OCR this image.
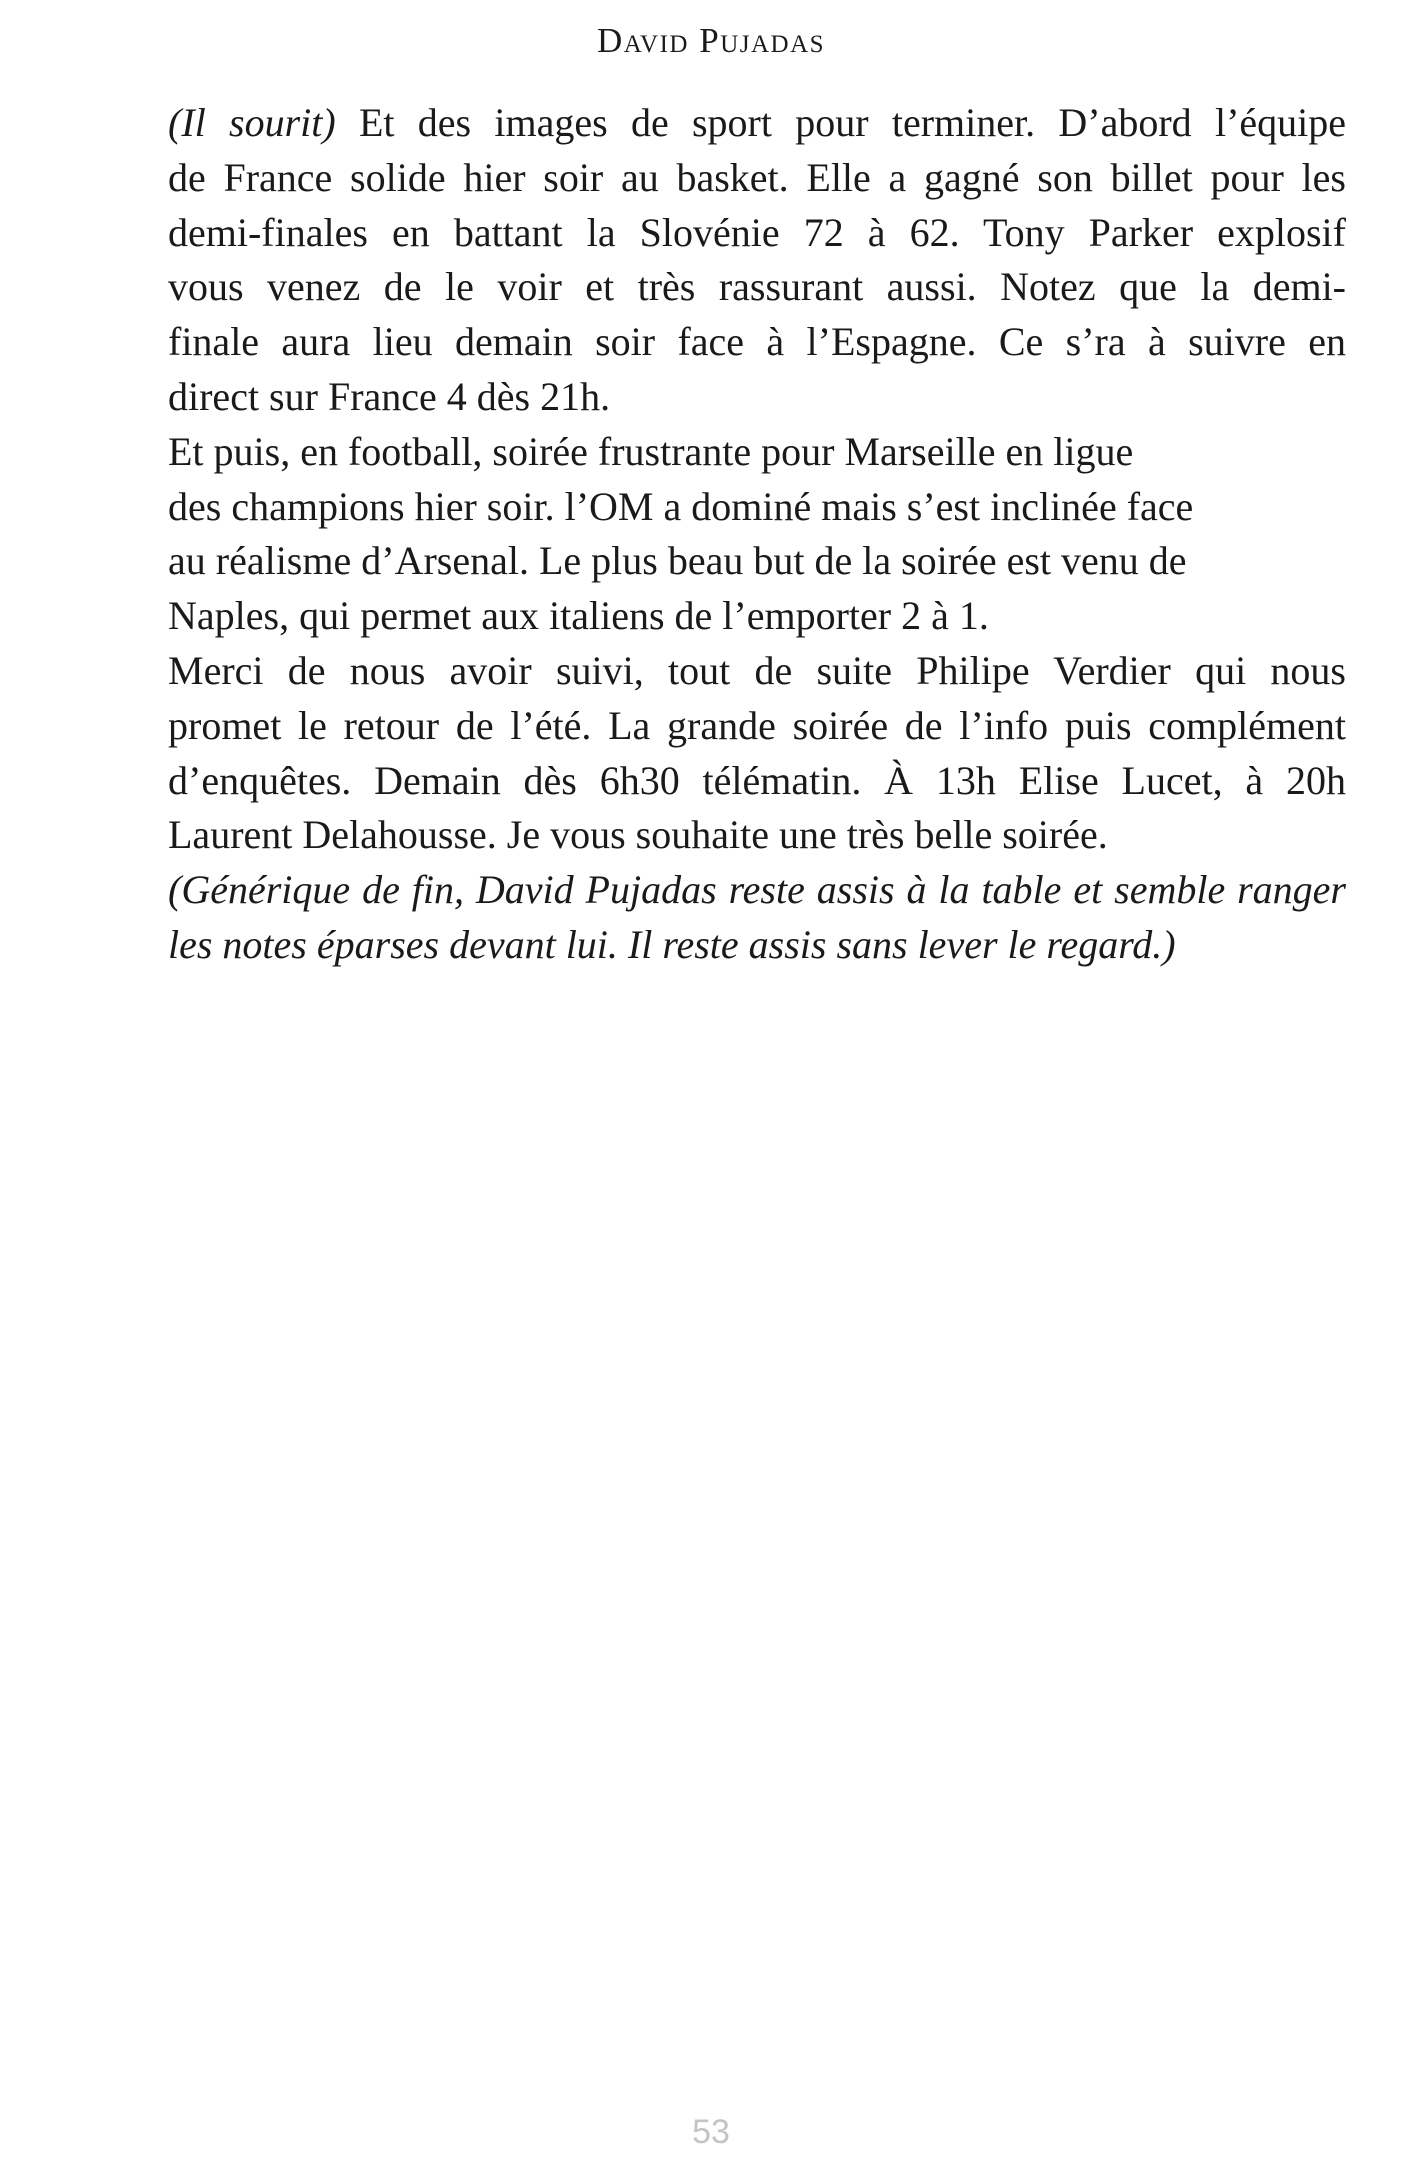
David Pujadas
(Il sourit) Et des images de sport pour terminer. D’abord l’équipe
de France solide hier soir au basket. Elle a gagné son billet pour les
demi-finales en battant la Slovénie 72 à 62. Tony Parker explosif
vous venez de le voir et très rassurant aussi. Notez que la demi-
finale aura lieu demain soir face à l’Espagne. Ce s’ra à suivre en
direct sur France 4 dès 21h.
Et puis, en football, soirée frustrante pour Marseille en ligue
des champions hier soir. l’OM a dominé mais s’est inclinée face
au réalisme d’Arsenal. Le plus beau but de la soirée est venu de
Naples, qui permet aux italiens de l’emporter 2 à 1.
Merci de nous avoir suivi, tout de suite Philipe Verdier qui nous
promet le retour de l’été. La grande soirée de l’info puis complément
d’enquêtes. Demain dès 6h30 télématin. À 13h Elise Lucet, à 20h
Laurent Delahousse. Je vous souhaite une très belle soirée.
(Générique de fin, David Pujadas reste assis à la table et semble ranger
les notes éparses devant lui. Il reste assis sans lever le regard.)
53
